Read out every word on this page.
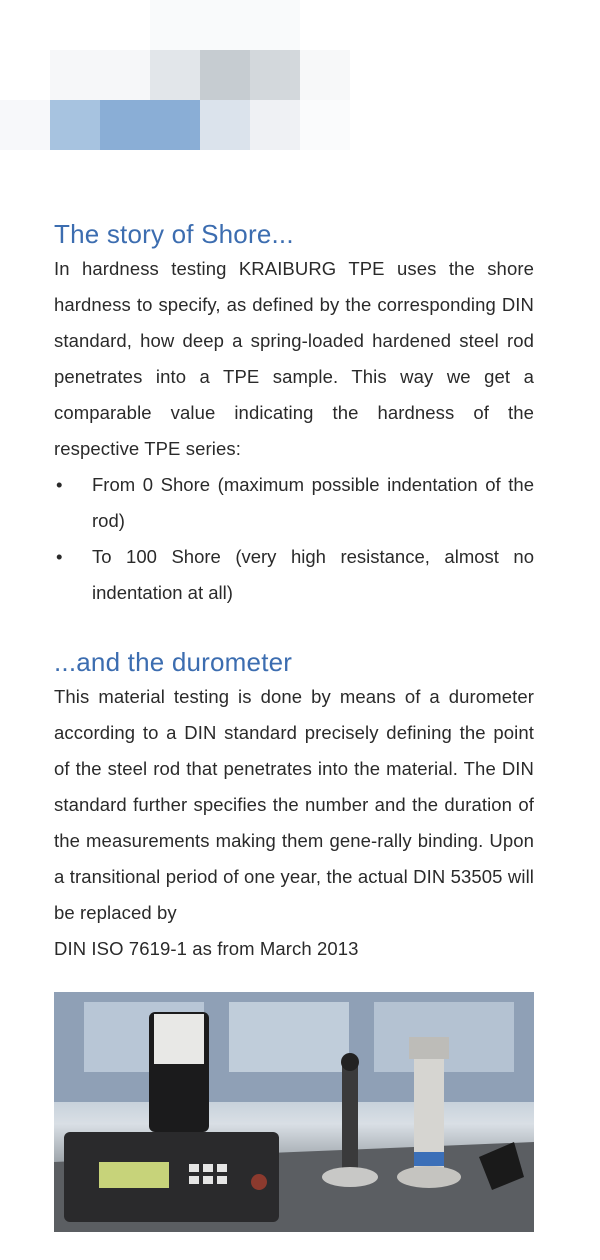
The story of Shore...

In hardness testing KRAIBURG TPE uses the shore hardness to specify, as defined by the corresponding DIN standard, how deep a spring-loaded hardened steel rod penetrates into a TPE sample. This way we get a comparable value indicating the hardness of the respective TPE series:

• From 0 Shore (maximum possible indentation of the rod)
• To 100 Shore (very high resistance, almost no indentation at all)
...and the durometer

This material testing is done by means of a durometer according to a DIN standard precisely defining the point of the steel rod that penetrates into the material. The DIN standard further specifies the number and the duration of the measurements making them gene-rally binding. Upon a transitional period of one year, the actual DIN 53505 will be replaced by

DIN ISO 7619-1 as from March 2013
